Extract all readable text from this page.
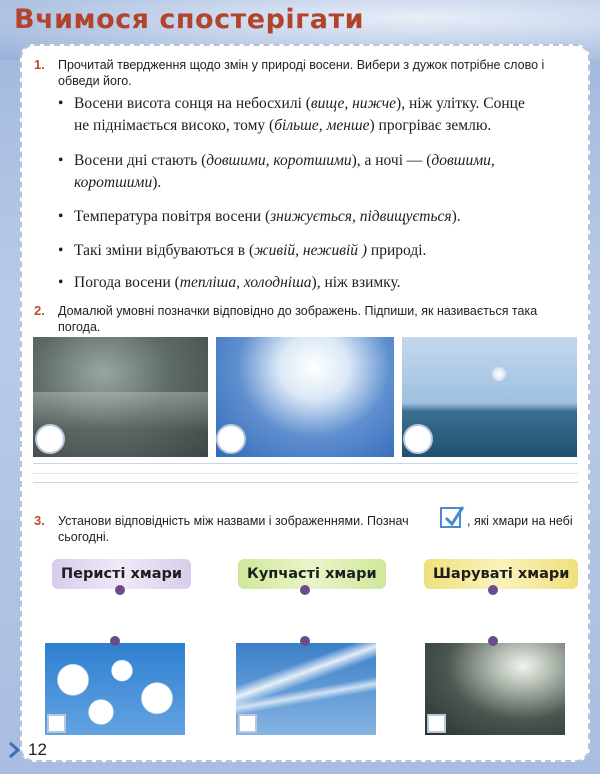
Вчимося спостерігати
1. Прочитай твердження щодо змін у природі восени. Вибери з дужок потрібне слово і обведи його.
• Восени висота сонця на небосхилі (вище, нижче), ніж улітку. Сонце
не піднімається високо, тому (більше, менше) прогріває землю.
• Восени дні стають (довшими, коротшими), а ночі — (довшими,
коротшими).
• Температура повітря восени (знижується, підвищується).
• Такі зміни відбуваються в (живій, неживій ) природі.
• Погода восени (тепліша, холодніша), ніж взимку.
2. Домалюй умовні позначки відповідно до зображень. Підпиши, як називається така погода.
3. Установи відповідність між назвами і зображеннями. Познач	, які хмари на небі
сьогодні.
Перисті хмари	Купчасті хмари	Шаруваті хмари
12
